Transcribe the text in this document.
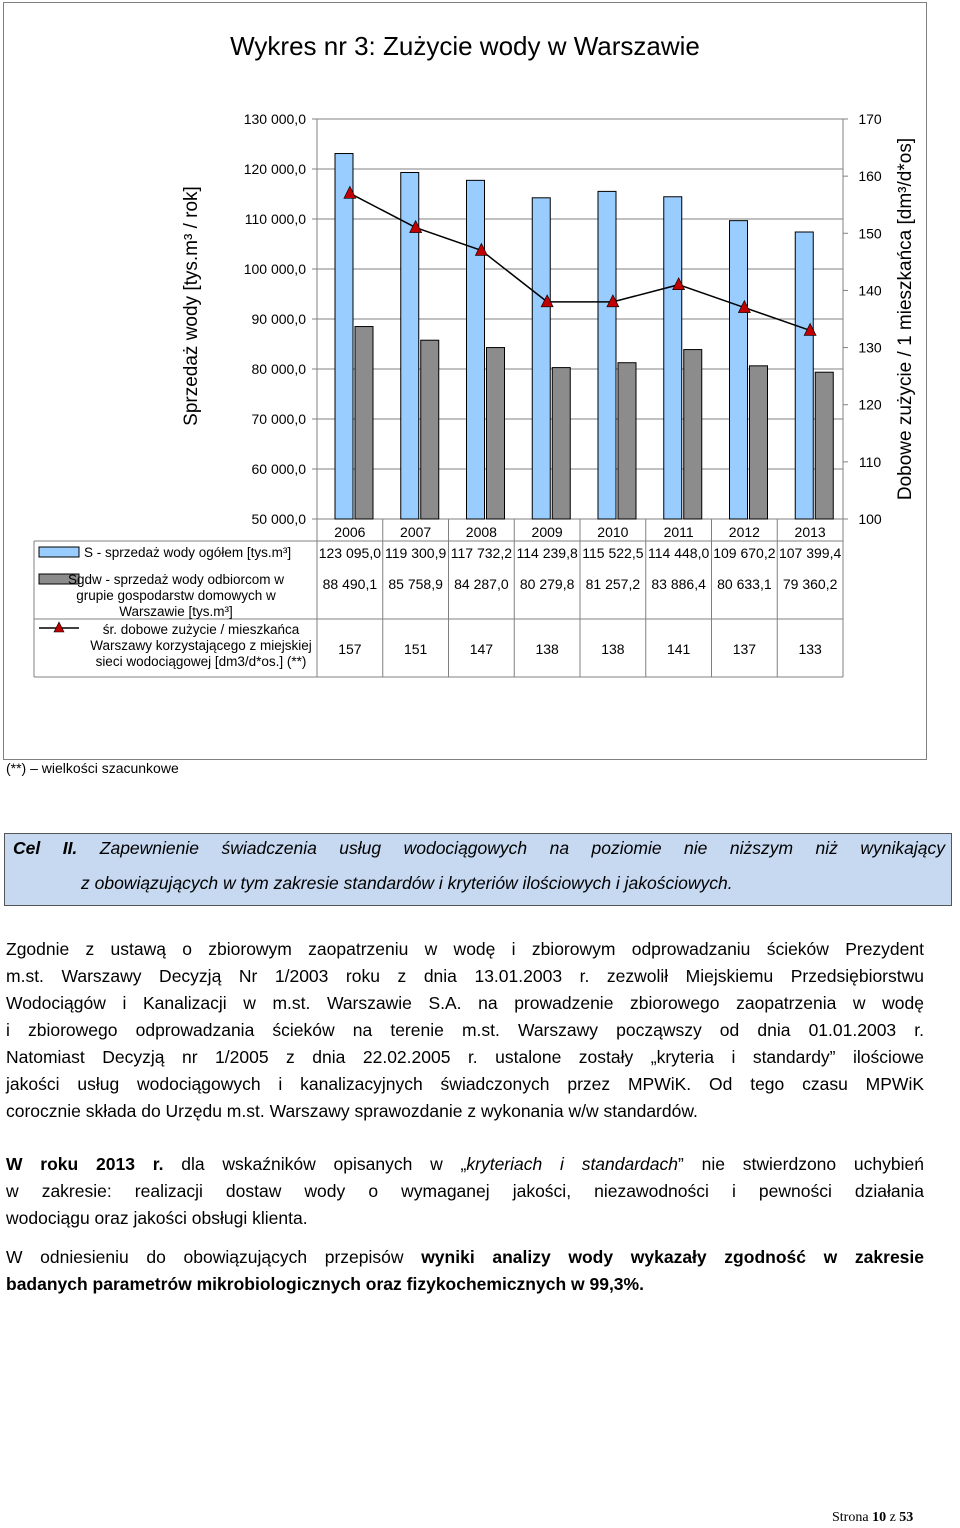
Wykres nr 3: Zużycie wody w Warszawie
130 000,0
120 000,0
110 000,0
100 000,0
90 000,0
80 000,0
70 000,0
60 000,0
50 000,0
170
160
150
140
130
120
110
100
Sprzedaż wody [tys.m³ / rok]	Dobowe zużycie / 1 mieszkańca [dm³/d*os]
2006
123 095,0
88 490,1
157
2007
119 300,9
85 758,9
151
2008
117 732,2
84 287,0
147
2009
114 239,8
80 279,8
138
2010
115 522,5
81 257,2
138
2011
114 448,0
83 886,4
141
2012
109 670,2
80 633,1
137
2013
107 399,4
79 360,2
133
S - sprzedaż wody ogółem [tys.m³]
Sgdw - sprzedaż wody odbiorcom w
grupie gospodarstw domowych w
Warszawie [tys.m³]
śr. dobowe zużycie / mieszkańca
Warszawy korzystającego z miejskiej
sieci wodociągowej [dm3/d*os.] (**)
(**) – wielkości szacunkowe
Cel II. Zapewnienie świadczenia usług wodociągowych na poziomie nie niższym niż wynikający
z obowiązujących w tym zakresie standardów i kryteriów ilościowych i jakościowych.
Zgodnie z ustawą o zbiorowym zaopatrzeniu w wodę i zbiorowym odprowadzaniu ścieków Prezydent
m.st. Warszawy Decyzją Nr 1/2003 roku z dnia 13.01.2003 r. zezwolił Miejskiemu Przedsiębiorstwu
Wodociągów i Kanalizacji w m.st. Warszawie S.A. na prowadzenie zbiorowego zaopatrzenia w wodę
i zbiorowego odprowadzania ścieków na terenie m.st. Warszawy począwszy od dnia 01.01.2003 r.
Natomiast Decyzją nr 1/2005 z dnia 22.02.2005 r. ustalone zostały „kryteria i standardy” ilościowe
jakości usług wodociągowych i kanalizacyjnych świadczonych przez MPWiK. Od tego czasu MPWiK
corocznie składa do Urzędu m.st. Warszawy sprawozdanie z wykonania w/w standardów.
W roku 2013 r. dla wskaźników opisanych w „kryteriach i standardach” nie stwierdzono uchybień
w zakresie: realizacji dostaw wody o wymaganej jakości, niezawodności i pewności działania
wodociągu oraz jakości obsługi klienta.
W odniesieniu do obowiązujących przepisów wyniki analizy wody wykazały zgodność w zakresie
badanych parametrów mikrobiologicznych oraz fizykochemicznych w 99,3%.
Strona 10 z 53
